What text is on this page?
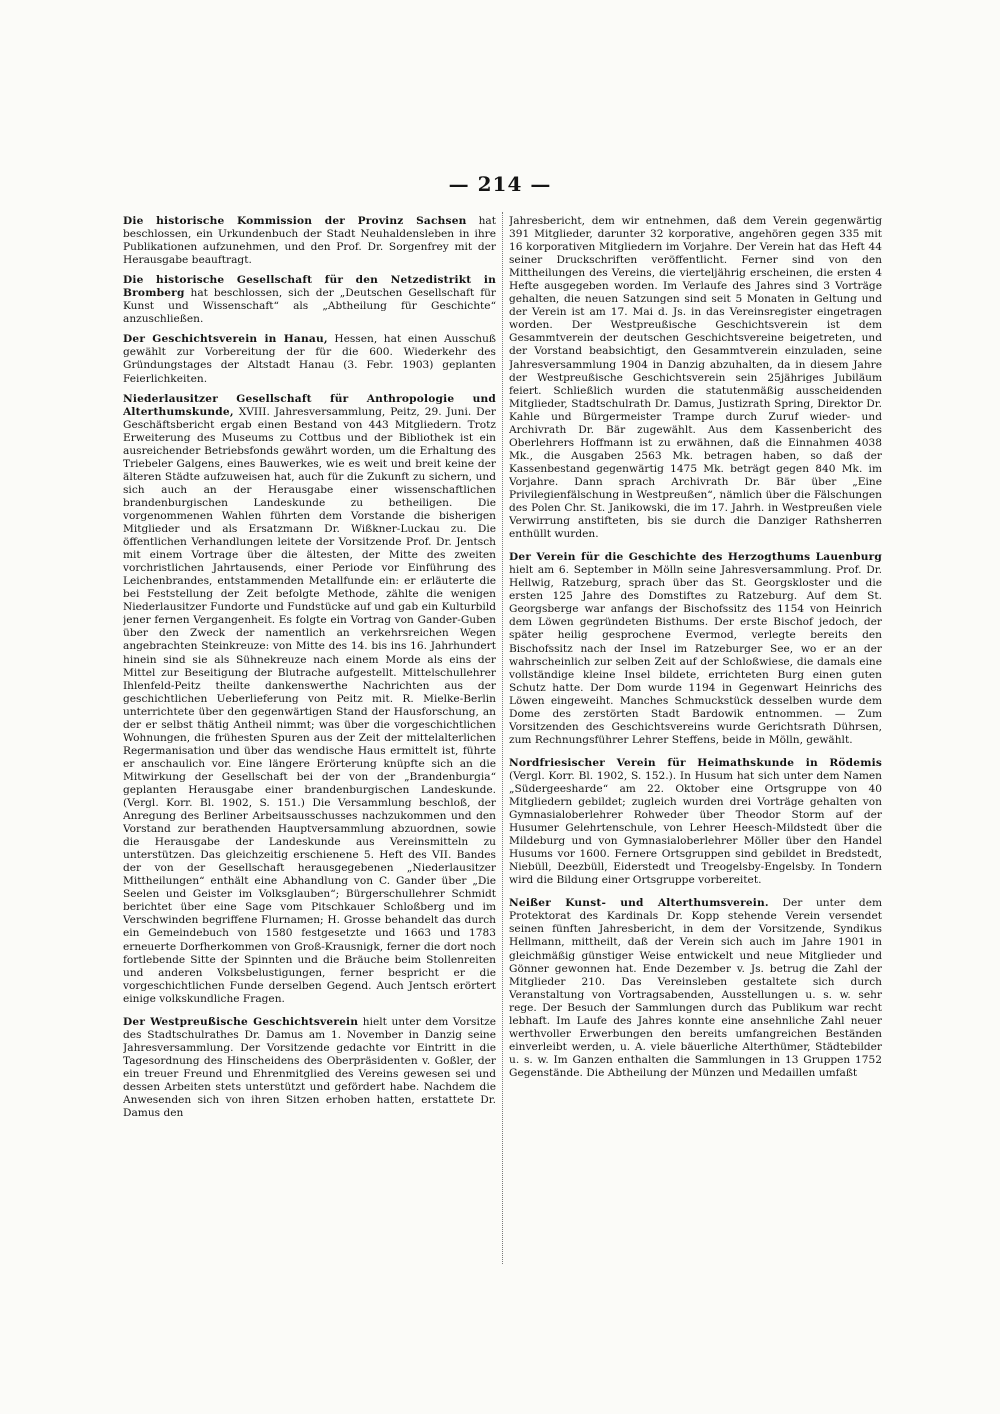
— 214 —

Die historische Kommission der Provinz Sachsen hat beschlossen, ein Urkundenbuch der Stadt Neuhaldensleben in ihre Publikationen aufzunehmen, und den Prof. Dr. Sorgenfrey mit der Herausgabe beauftragt.

Die historische Gesellschaft für den Netzedistrikt in Bromberg hat beschlossen, sich der „Deutschen Gesellschaft für Kunst und Wissenschaft“ als „Abtheilung für Geschichte“ anzuschließen.

Der Geschichtsverein in Hanau, Hessen, hat einen Ausschuß gewählt zur Vorbereitung der für die 600. Wiederkehr des Gründungstages der Altstadt Hanau (3. Febr. 1903) geplanten Feierlichkeiten.

Niederlausitzer Gesellschaft für Anthropologie und Alterthumskunde, XVIII. Jahresversammlung, Peitz, 29. Juni. Der Geschäftsbericht ergab einen Bestand von 443 Mitgliedern. Trotz Erweiterung des Museums zu Cottbus und der Bibliothek ist ein ausreichender Betriebsfonds gewährt worden, um die Erhaltung des Triebeler Galgens, eines Bauwerkes, wie es weit und breit keine der älteren Städte aufzuweisen hat, auch für die Zukunft zu sichern, und sich auch an der Herausgabe einer wissenschaftlichen brandenburgischen Landeskunde zu betheiligen. Die vorgenommenen Wahlen führten dem Vorstande die bisherigen Mitglieder und als Ersatzmann Dr. Wißkner-Luckau zu. Die öffentlichen Verhandlungen leitete der Vorsitzende Prof. Dr. Jentsch mit einem Vortrage über die ältesten, der Mitte des zweiten vorchristlichen Jahrtausends, einer Periode vor Einführung des Leichenbrandes, entstammenden Metallfunde ein: er erläuterte die bei Feststellung der Zeit befolgte Methode, zählte die wenigen Niederlausitzer Fundorte und Fundstücke auf und gab ein Kulturbild jener fernen Vergangenheit. Es folgte ein Vortrag von Gander-Guben über den Zweck der namentlich an verkehrsreichen Wegen angebrachten Steinkreuze: von Mitte des 14. bis ins 16. Jahrhundert hinein sind sie als Sühnekreuze nach einem Morde als eins der Mittel zur Beseitigung der Blutrache aufgestellt. Mittelschullehrer Ihlenfeld-Peitz theilte dankenswerthe Nachrichten aus der geschichtlichen Ueberlieferung von Peitz mit. R. Mielke-Berlin unterrichtete über den gegenwärtigen Stand der Hausforschung, an der er selbst thätig Antheil nimmt; was über die vorgeschichtlichen Wohnungen, die frühesten Spuren aus der Zeit der mittelalterlichen Regermanisation und über das wendische Haus ermittelt ist, führte er anschaulich vor. Eine längere Erörterung knüpfte sich an die Mitwirkung der Gesellschaft bei der von der „Brandenburgia“ geplanten Herausgabe einer brandenburgischen Landeskunde. (Vergl. Korr. Bl. 1902, S. 151.) Die Versammlung beschloß, der Anregung des Berliner Arbeitsausschusses nachzukommen und den Vorstand zur berathenden Hauptversammlung abzuordnen, sowie die Herausgabe der Landeskunde aus Vereinsmitteln zu unterstützen. Das gleichzeitig erschienene 5. Heft des VII. Bandes der von der Gesellschaft herausgegebenen „Niederlausitzer Mittheilungen“ enthält eine Abhandlung von C. Gander über „Die Seelen und Geister im Volksglauben“; Bürgerschullehrer Schmidt berichtet über eine Sage vom Pitschkauer Schloßberg und im Verschwinden begriffene Flurnamen; H. Grosse behandelt das durch ein Gemeindebuch von 1580 festgesetzte und 1663 und 1783 erneuerte Dorfherkommen von Groß-Krausnigk, ferner die dort noch fortlebende Sitte der Spinnten und die Bräuche beim Stollenreiten und anderen Volksbelustigungen, ferner bespricht er die vorgeschichtlichen Funde derselben Gegend. Auch Jentsch erörtert einige volkskundliche Fragen.

Der Westpreußische Geschichtsverein hielt unter dem Vorsitze des Stadtschulrathes Dr. Damus am 1. November in Danzig seine Jahresversammlung. Der Vorsitzende gedachte vor Eintritt in die Tagesordnung des Hinscheidens des Oberpräsidenten v. Goßler, der ein treuer Freund und Ehrenmitglied des Vereins gewesen sei und dessen Arbeiten stets unterstützt und gefördert habe. Nachdem die Anwesenden sich von ihren Sitzen erhoben hatten, erstattete Dr. Damus den

Jahresbericht, dem wir entnehmen, daß dem Verein gegenwärtig 391 Mitglieder, darunter 32 korporative, angehören gegen 335 mit 16 korporativen Mitgliedern im Vorjahre. Der Verein hat das Heft 44 seiner Druckschriften veröffentlicht. Ferner sind von den Mittheilungen des Vereins, die vierteljährig erscheinen, die ersten 4 Hefte ausgegeben worden. Im Verlaufe des Jahres sind 3 Vorträge gehalten, die neuen Satzungen sind seit 5 Monaten in Geltung und der Verein ist am 17. Mai d. Js. in das Vereinsregister eingetragen worden. Der Westpreußische Geschichtsverein ist dem Gesammtverein der deutschen Geschichtsvereine beigetreten, und der Vorstand beabsichtigt, den Gesammtverein einzuladen, seine Jahresversammlung 1904 in Danzig abzuhalten, da in diesem Jahre der Westpreußische Geschichtsverein sein 25jähriges Jubiläum feiert. Schließlich wurden die statutenmäßig ausscheidenden Mitglieder, Stadtschulrath Dr. Damus, Justizrath Spring, Direktor Dr. Kahle und Bürgermeister Trampe durch Zuruf wieder- und Archivrath Dr. Bär zugewählt. Aus dem Kassenbericht des Oberlehrers Hoffmann ist zu erwähnen, daß die Einnahmen 4038 Mk., die Ausgaben 2563 Mk. betragen haben, so daß der Kassenbestand gegenwärtig 1475 Mk. beträgt gegen 840 Mk. im Vorjahre. Dann sprach Archivrath Dr. Bär über „Eine Privilegienfälschung in Westpreußen“, nämlich über die Fälschungen des Polen Chr. St. Janikowski, die im 17. Jahrh. in Westpreußen viele Verwirrung anstifteten, bis sie durch die Danziger Rathsherren enthüllt wurden.

Der Verein für die Geschichte des Herzogthums Lauenburg hielt am 6. September in Mölln seine Jahresversammlung. Prof. Dr. Hellwig, Ratzeburg, sprach über das St. Georgskloster und die ersten 125 Jahre des Domstiftes zu Ratzeburg. Auf dem St. Georgsberge war anfangs der Bischofssitz des 1154 von Heinrich dem Löwen gegründeten Bisthums. Der erste Bischof jedoch, der später heilig gesprochene Evermod, verlegte bereits den Bischofssitz nach der Insel im Ratzeburger See, wo er an der wahrscheinlich zur selben Zeit auf der Schloßwiese, die damals eine vollständige kleine Insel bildete, errichteten Burg einen guten Schutz hatte. Der Dom wurde 1194 in Gegenwart Heinrichs des Löwen eingeweiht. Manches Schmuckstück desselben wurde dem Dome des zerstörten Stadt Bardowik entnommen. — Zum Vorsitzenden des Geschichtsvereins wurde Gerichtsrath Dührsen, zum Rechnungsführer Lehrer Steffens, beide in Mölln, gewählt.

Nordfriesischer Verein für Heimathskunde in Rödemis (Vergl. Korr. Bl. 1902, S. 152.). In Husum hat sich unter dem Namen „Südergeesharde“ am 22. Oktober eine Ortsgruppe von 40 Mitgliedern gebildet; zugleich wurden drei Vorträge gehalten von Gymnasialoberlehrer Rohweder über Theodor Storm auf der Husumer Gelehrtenschule, von Lehrer Heesch-Mildstedt über die Mildeburg und von Gymnasialoberlehrer Möller über den Handel Husums vor 1600. Fernere Ortsgruppen sind gebildet in Bredstedt, Niebüll, Deezbüll, Eiderstedt und Treogelsby-Engelsby. In Tondern wird die Bildung einer Ortsgruppe vorbereitet.

Neißer Kunst- und Alterthumsverein. Der unter dem Protektorat des Kardinals Dr. Kopp stehende Verein versendet seinen fünften Jahresbericht, in dem der Vorsitzende, Syndikus Hellmann, mittheilt, daß der Verein sich auch im Jahre 1901 in gleichmäßig günstiger Weise entwickelt und neue Mitglieder und Gönner gewonnen hat. Ende Dezember v. Js. betrug die Zahl der Mitglieder 210. Das Vereinsleben gestaltete sich durch Veranstaltung von Vortragsabenden, Ausstellungen u. s. w. sehr rege. Der Besuch der Sammlungen durch das Publikum war recht lebhaft. Im Laufe des Jahres konnte eine ansehnliche Zahl neuer werthvoller Erwerbungen den bereits umfangreichen Beständen einverleibt werden, u. A. viele bäuerliche Alterthümer, Städtebilder u. s. w. Im Ganzen enthalten die Sammlungen in 13 Gruppen 1752 Gegenstände. Die Abtheilung der Münzen und Medaillen umfaßt
